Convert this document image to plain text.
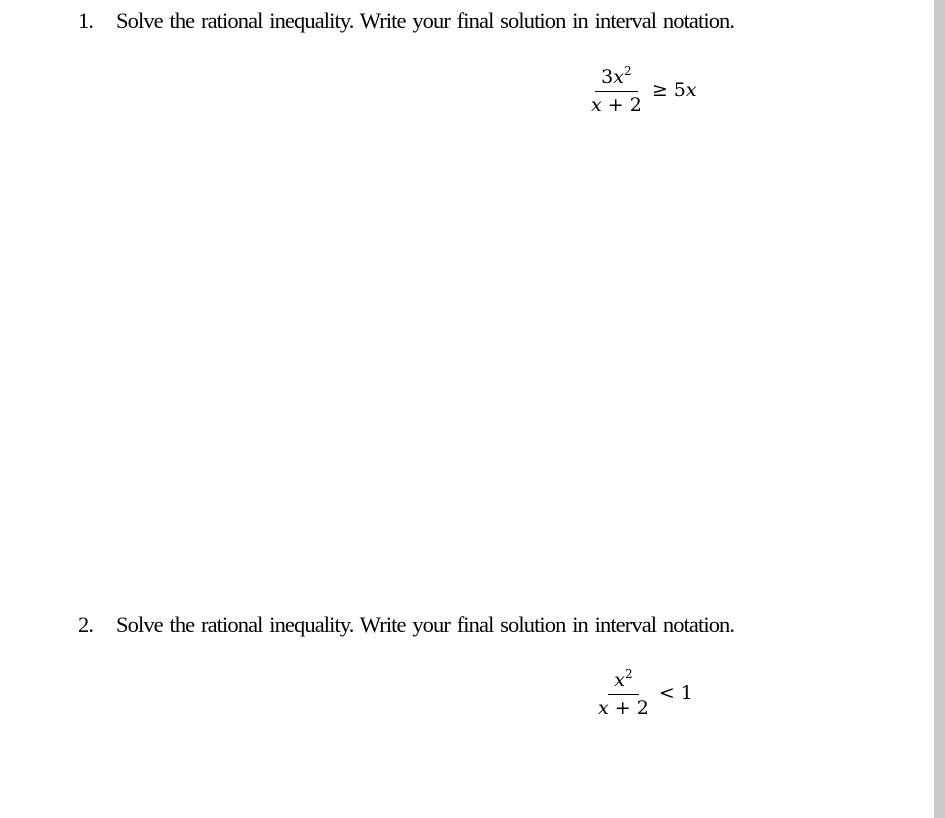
1. Solve the rational inequality. Write your final solution in interval notation.
$\frac{3x^2}{x + 2} \ge 5x$
2. Solve the rational inequality. Write your final solution in interval notation.
$\frac{x^2}{x + 2} < 1$
